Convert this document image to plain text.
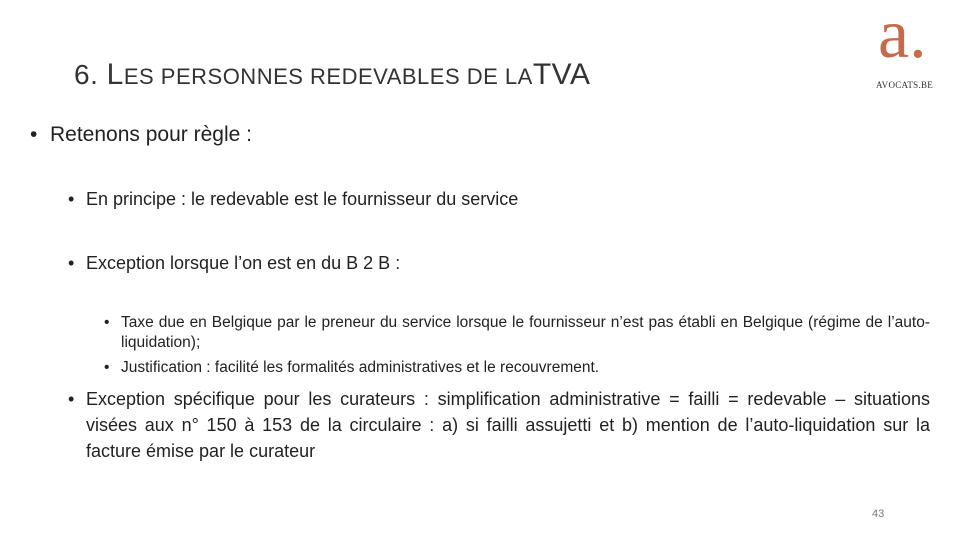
6. LES PERSONNES REDEVABLES DE LATVA
a.
AVOCATS.BE
• Retenons pour règle :
• En principe : le redevable est le fournisseur du service
• Exception lorsque l’on est en du B 2 B :
• Taxe due en Belgique par le preneur du service lorsque le fournisseur n’est pas établi en Belgique (régime de l’auto-liquidation);
• Justification : facilité les formalités administratives et le recouvrement.
• Exception spécifique pour les curateurs : simplification administrative = failli = redevable – situations visées aux n° 150 à 153 de la circulaire : a) si failli assujetti et b) mention de l’auto-liquidation sur la facture émise par le curateur
43
